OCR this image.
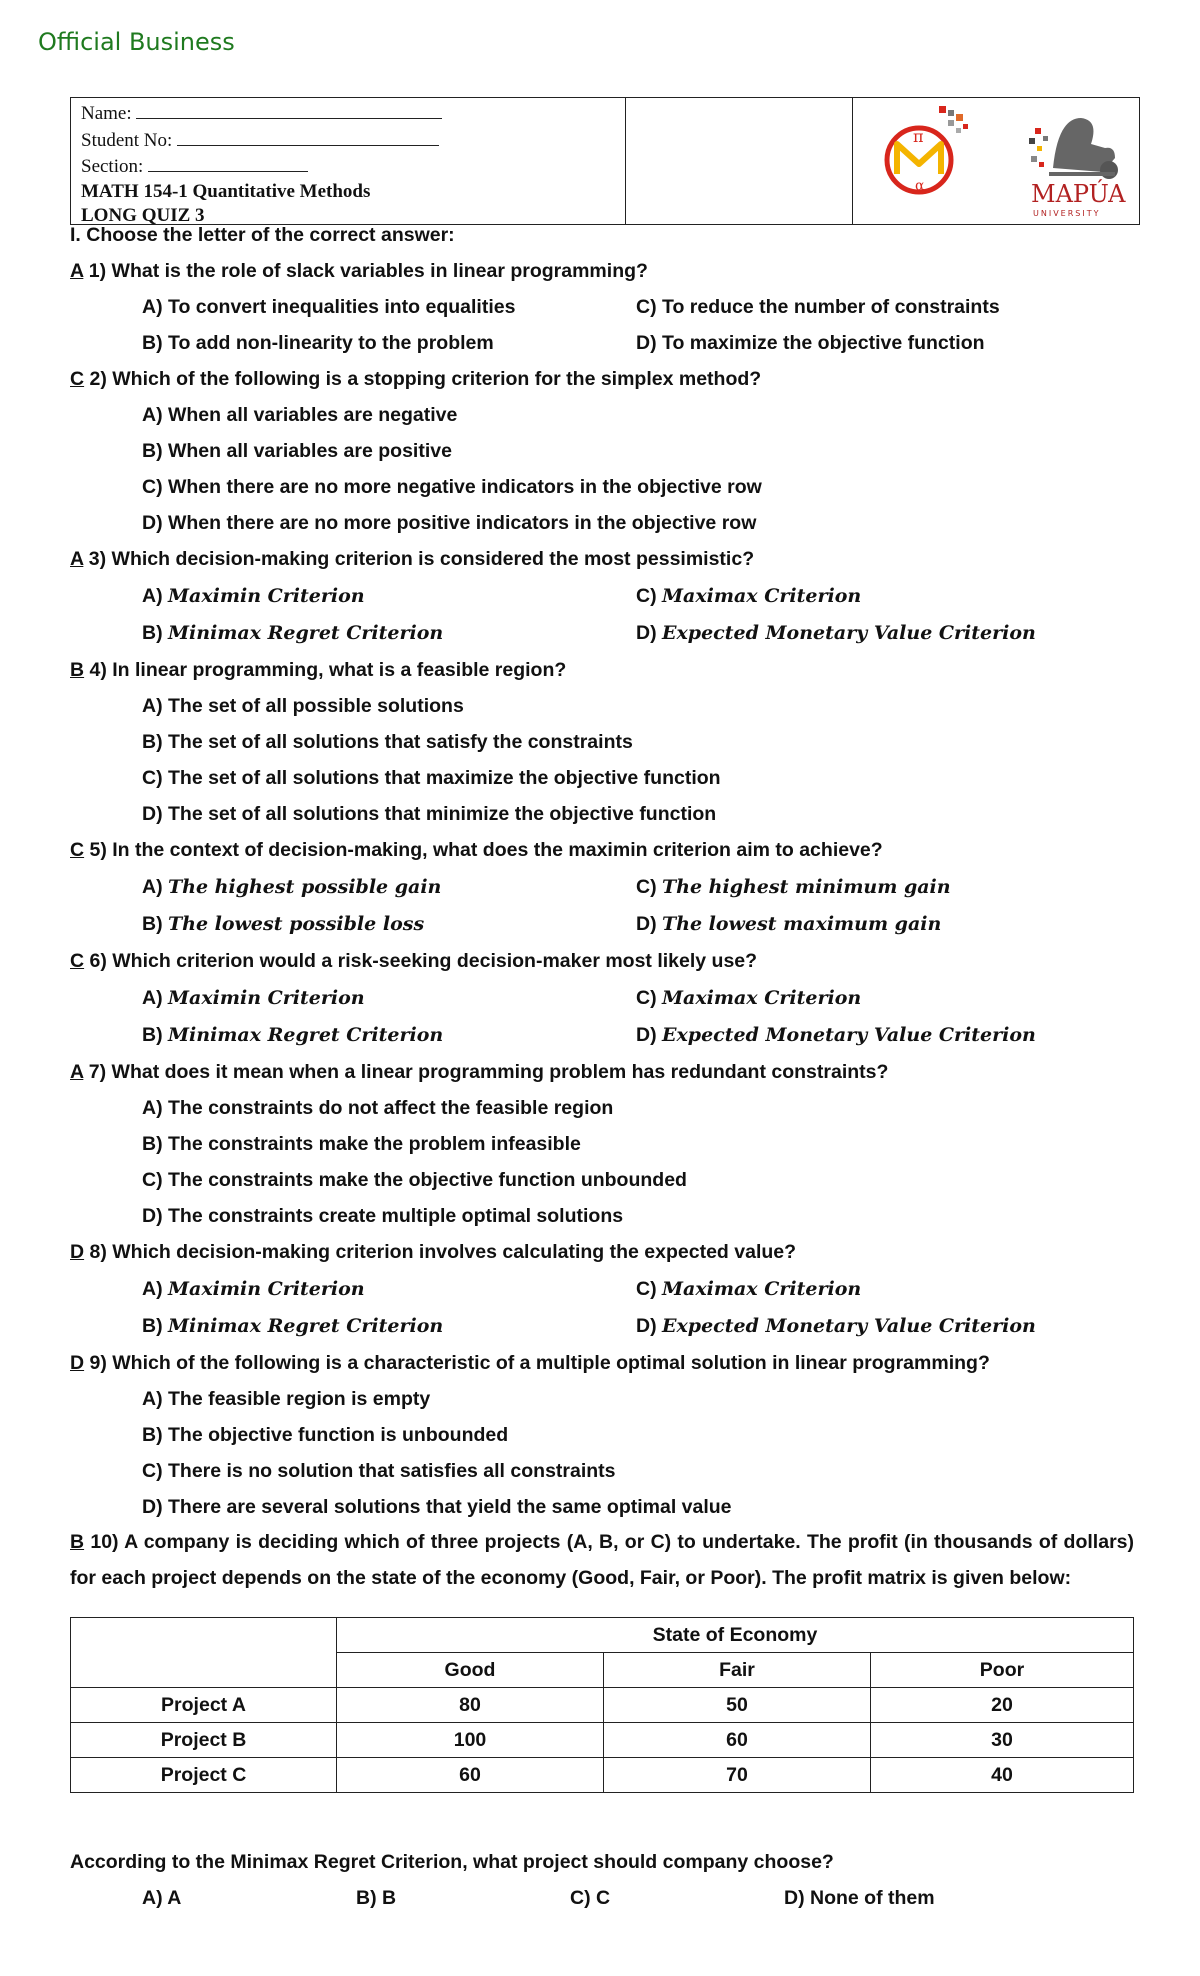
Official Business
Name:
Student No:
Section:
MATH 154-1 Quantitative Methods
LONG QUIZ 3
π
α	MAPÚA
UNIVERSITY
I. Choose the letter of the correct answer:
A 1) What is the role of slack variables in linear programming?
A) To convert inequalities into equalities	C) To reduce the number of constraints
B) To add non-linearity to the problem	D) To maximize the objective function
C 2) Which of the following is a stopping criterion for the simplex method?
A) When all variables are negative
B) When all variables are positive
C) When there are no more negative indicators in the objective row
D) When there are no more positive indicators in the objective row
A 3) Which decision-making criterion is considered the most pessimistic?
A) Maximin Criterion	C) Maximax Criterion
B) Minimax Regret Criterion	D) Expected Monetary Value Criterion
B 4) In linear programming, what is a feasible region?
A) The set of all possible solutions
B) The set of all solutions that satisfy the constraints
C) The set of all solutions that maximize the objective function
D) The set of all solutions that minimize the objective function
C 5) In the context of decision-making, what does the maximin criterion aim to achieve?
A) The highest possible gain	C) The highest minimum gain
B) The lowest possible loss	D) The lowest maximum gain
C 6) Which criterion would a risk-seeking decision-maker most likely use?
A) Maximin Criterion	C) Maximax Criterion
B) Minimax Regret Criterion	D) Expected Monetary Value Criterion
A 7) What does it mean when a linear programming problem has redundant constraints?
A) The constraints do not affect the feasible region
B) The constraints make the problem infeasible
C) The constraints make the objective function unbounded
D) The constraints create multiple optimal solutions
D 8) Which decision-making criterion involves calculating the expected value?
A) Maximin Criterion	C) Maximax Criterion
B) Minimax Regret Criterion	D) Expected Monetary Value Criterion
D 9) Which of the following is a characteristic of a multiple optimal solution in linear programming?
A) The feasible region is empty
B) The objective function is unbounded
C) There is no solution that satisfies all constraints
D) There are several solutions that yield the same optimal value
B 10) A company is deciding which of three projects (A, B, or C) to undertake. The profit (in thousands of dollars) for each project depends on the state of the economy (Good, Fair, or Poor). The profit matrix is given below:
	State of Economy		
	Good	Fair	Poor
Project A	80	50	20
Project B	100	60	30
Project C	60	70	40
According to the Minimax Regret Criterion, what project should company choose?
A) A	B) B	C) C	D) None of them
